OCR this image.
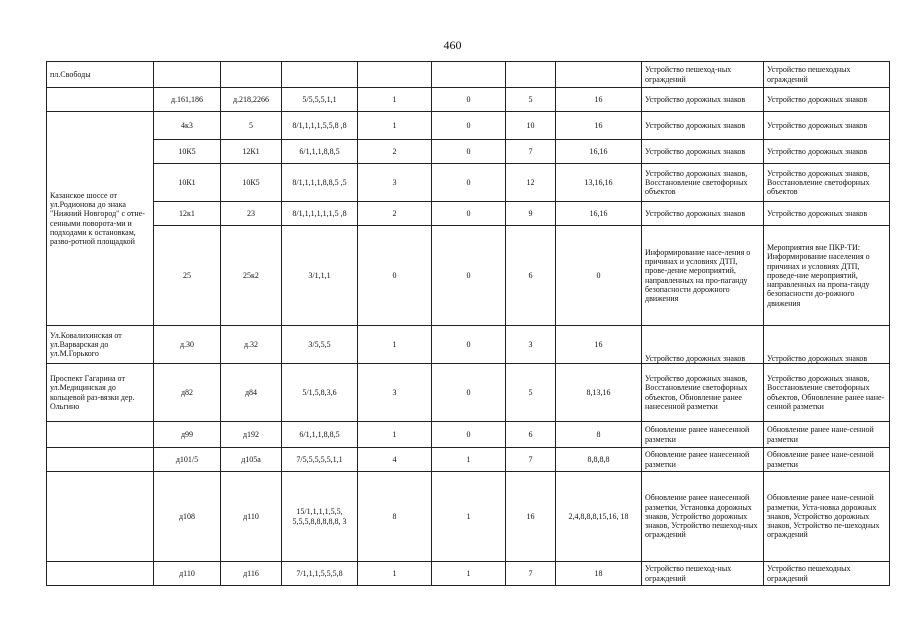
460
пл.Свободы								Устройство пешеход-ных ограждений	Устройство пешеходных ограждений
	д.161,186	д.218,2266	5/5,5,5,1,1	1	0	5	16	Устройство дорожных знаков	Устройство дорожных знаков
Казанское шоссе от ул.Родионова до знака "Нижний Новгород" с отне-сенными поворота-ми и подходами к остановкам, разво-ротной площадкой	4к3	5	8/1,1,1,1,5,5,8 ,8	1	0	10	16	Устройство дорожных знаков	Устройство дорожных знаков
	10К5	12К1	6/1,1,1,8,8,5	2	0	7	16,16	Устройство дорожных знаков	Устройство дорожных знаков
	10К1	10К5	8/1,1,1,1,8,8,5 ,5	3	0	12	13,16,16	Устройство дорожных знаков, Восстановление светофорных объектов	Устройство дорожных знаков, Восстановление светофорных объектов
	12к1	23	8/1,1,1,1,1,1,5 ,8	2	0	9	16,16	Устройство дорожных знаков	Устройство дорожных знаков
	25	25к2	3/1,1,1	0	0	6	0	Информирование насе-ления о причинах и условиях ДТП, прове-дение мероприятий, направленных на про-паганду безопасности дорожного движения	Мероприятия вне ПКР-ТИ: Информирование населения о причинах и условиях ДТП, проведе-ние мероприятий, направленных на пропа-ганду безопасности до-рожного движения
Ул.Ковалихинская от ул.Варварская до ул.М.Горького	д.30	д.32	3/5,5,5	1	0	3	16	Устройство дорожных знаков	Устройство дорожных знаков
Проспект Гагарина от ул.Медицинская до кольцевой раз-вязки дер. Ольгино	д82	д84	5/1,5,8,3,6	3	0	5	8,13,16	Устройство дорожных знаков, Восстановление светофорных объектов, Обновление ранее нанесенной разметки	Устройство дорожных знаков, Восстановление светофорных объектов, Обновление ранее нане-сенной разметки
	д99	д192	6/1,1,1,8,8,5	1	0	6	8	Обновление ранее нанесенной разметки	Обновление ранее нане-сенной разметки
	д101/5	д105а	7/5,5,5,5,5,1,1	4	1	7	8,8,8,8	Обновление ранее нанесенной разметки	Обновление ранее нане-сенной разметки
	д108	д110	15/1,1,1,1,5,5, 5,5,5,8,8,8,8,8, 3	8	1	16	2,4,8,8,8,15,16, 18	Обновление ранее нанесенной разметки, Установка дорожных знаков, Устройство дорожных знаков, Устройство пешеход-ных ограждений	Обновление ранее нане-сенной разметки, Уста-новка дорожных знаков, Устройство дорожных знаков, Устройство пе-шеходных ограждений
	д110	д116	7/1,1,1,5,5,5,8	1	1	7	18	Устройство пешеход-ных ограждений	Устройство пешеходных ограждений
